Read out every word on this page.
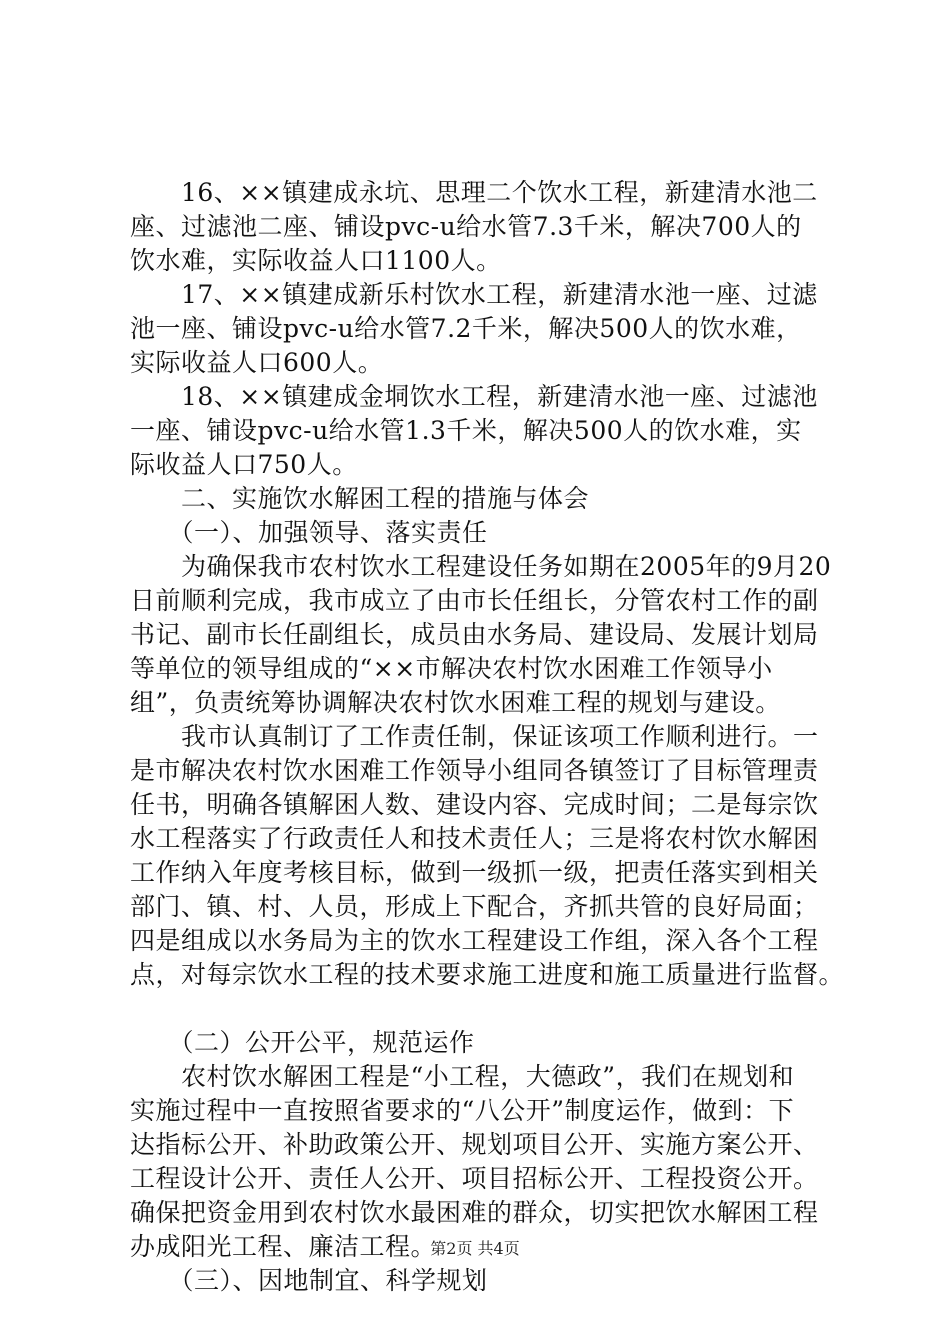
　　16、××镇建成永坑、思理二个饮水工程，新建清水池二
座、过滤池二座、铺设pvc-u给水管7.3千米，解决700人的
饮水难，实际收益人口1100人。
　　17、××镇建成新乐村饮水工程，新建清水池一座、过滤
池一座、铺设pvc-u给水管7.2千米，解决500人的饮水难，
实际收益人口600人。
　　18、××镇建成金垌饮水工程，新建清水池一座、过滤池
一座、铺设pvc-u给水管1.3千米，解决500人的饮水难，实
际收益人口750人。
　　二、实施饮水解困工程的措施与体会
　　（一）、加强领导、落实责任
　　为确保我市农村饮水工程建设任务如期在2005年的9月20
日前顺利完成，我市成立了由市长任组长，分管农村工作的副
书记、副市长任副组长，成员由水务局、建设局、发展计划局
等单位的领导组成的“××市解决农村饮水困难工作领导小
组”，负责统筹协调解决农村饮水困难工程的规划与建设。
　　我市认真制订了工作责任制，保证该项工作顺利进行。一
是市解决农村饮水困难工作领导小组同各镇签订了目标管理责
任书，明确各镇解困人数、建设内容、完成时间；二是每宗饮
水工程落实了行政责任人和技术责任人；三是将农村饮水解困
工作纳入年度考核目标，做到一级抓一级，把责任落实到相关
部门、镇、村、人员，形成上下配合，齐抓共管的良好局面；
四是组成以水务局为主的饮水工程建设工作组，深入各个工程
点，对每宗饮水工程的技术要求施工进度和施工质量进行监督。
　　（二）公开公平，规范运作
　　农村饮水解困工程是“小工程，大德政”，我们在规划和
实施过程中一直按照省要求的“八公开”制度运作，做到：下
达指标公开、补助政策公开、规划项目公开、实施方案公开、
工程设计公开、责任人公开、项目招标公开、工程投资公开。
确保把资金用到农村饮水最困难的群众，切实把饮水解困工程
办成阳光工程、廉洁工程。
　　（三）、因地制宜、科学规划
第2页 共4页
